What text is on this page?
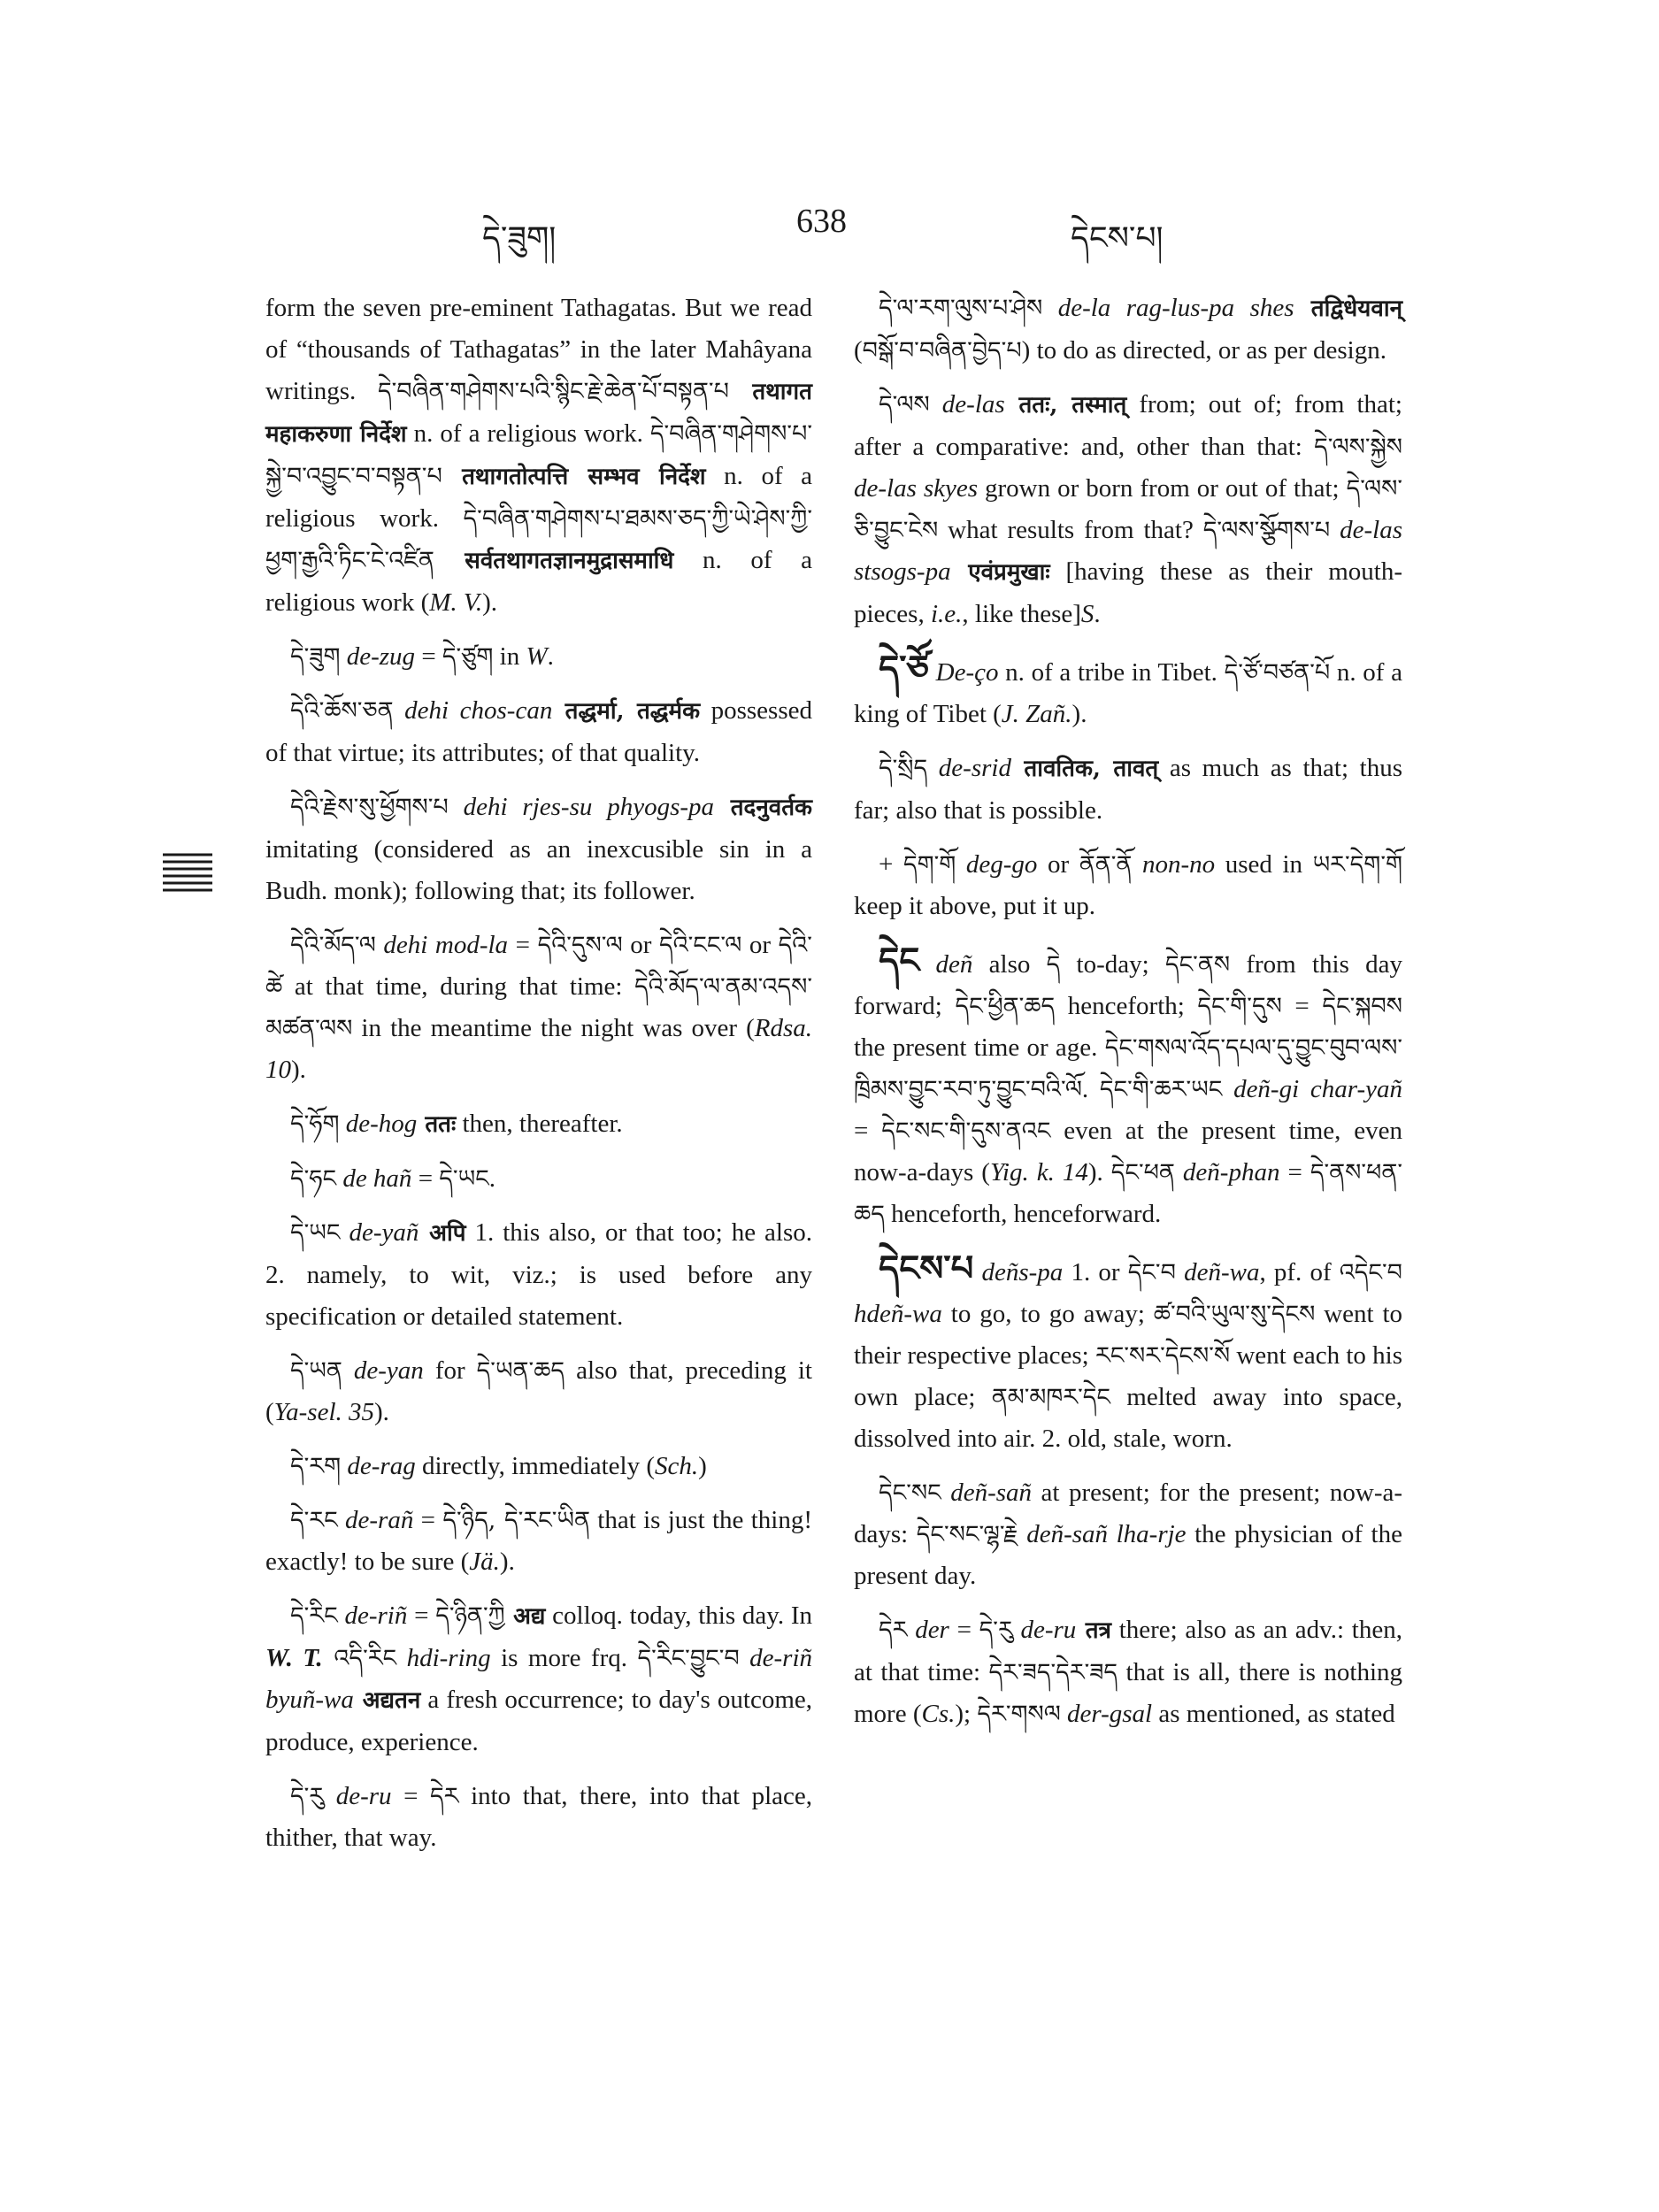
དེ་ཟུག།	638	དེངས་པ།

form the seven pre-eminent Tathagatas. But we read of “thousands of Tathagatas” in the later Mahâyana writings. དེ་བཞིན་གཤེགས་པའི་སྙིང་རྗེ་ཆེན་པོ་བསྟན་པ तथागत महाकरुणा निर्देश n. of a religious work. དེ་བཞིན་གཤེགས་པ་སྐྱེ་བ་འབྱུང་བ་བསྟན་པ तथागतोत्पत्ति सम्भव निर्देश n. of a religious work. དེ་བཞིན་གཤེགས་པ་ཐམས་ཅད་ཀྱི་ཡེ་ཤེས་ཀྱི་ཕྱག་རྒྱའི་ཏིང་ངེ་འཛིན सर्वतथागतज्ञानमुद्रासमाधि n. of a religious work (M. V.).

དེ་ཟུག de-zug = དེ་ཙུག in W.

དེའི་ཆོས་ཅན dehi chos-can तद्धर्मा, तद्धर्मक possessed of that virtue; its attributes; of that quality.

དེའི་རྗེས་སུ་ཕྱོགས་པ dehi rjes-su phyogs-pa तदनुवर्तक imitating (considered as an inexcusible sin in a Budh. monk); following that; its follower.

དེའི་མོད་ལ dehi mod-la = དེའི་དུས་ལ or དེའི་ངང་ལ or དེའི་ཚེ at that time, during that time: དེའི་མོད་ལ་ནམ་འདས་མཚན་ལས in the meantime the night was over (Rdsa. 10).

དེ་ཧོག de-hog ततः then, thereafter.

དེ་ཧང de hañ = དེ་ཡང.

དེ་ཡང de-yañ अपि 1. this also, or that too; he also. 2. namely, to wit, viz.; is used before any specification or detailed statement.

དེ་ཡན de-yan for དེ་ཡན་ཆད also that, preceding it (Ya-sel. 35).

དེ་རག de-rag directly, immediately (Sch.)

དེ་རང de-rañ = དེ་ཉིད, དེ་རང་ཡིན that is just the thing! exactly! to be sure (Jä.).

དེ་རིང de-riñ = དེ་ཉིན་ཀྱི अद्य colloq. today, this day. In W. T. འདི་རིང hdi-ring is more frq. དེ་རིང་བྱུང་བ de-riñ byuñ-wa अद्यतन a fresh occurrence; to day's outcome, produce, experience.

དེ་རུ de-ru = དེར into that, there, into that place, thither, that way.

དེ་ལ་རག་ལུས་པ་ཤེས de-la rag-lus-pa shes तद्विधेयवान् (བསྒོ་བ་བཞིན་བྱེད་པ) to do as directed, or as per design.

དེ་ལས de-las ततः, तस्मात् from; out of; from that; after a comparative: and, other than that: དེ་ལས་སྐྱེས de-las skyes grown or born from or out of that; དེ་ལས་ཅི་བྱུང་ངེས what results from that? དེ་ལས་སྩོགས་པ de-las stsogs-pa एवंप्रमुखाः [having these as their mouth-pieces, i.e., like these]S.

དེ་ཙོ De-ço n. of a tribe in Tibet. དེ་ཙོ་བཙན་པོ n. of a king of Tibet (J. Zañ.).

དེ་སྲིད de-srid तावतिक, तावत् as much as that; thus far; also that is possible.

+ དེག་གོ deg-go or ནོན་ནོ non-no used in ཡར་དེག་གོ keep it above, put it up.

དེང deñ also དེ to-day; དེང་ནས from this day forward; དེང་ཕྱིན་ཆད henceforth; དེང་གི་དུས = དེང་སྐབས the present time or age. དེང་གསལ་འོད་དཔལ་དུ་བྱུང་བུབ་ལས་ཁྲིམས་བྱུང་རབ་ཏུ་བྱུང་བའི་ལོ. དེང་གི་ཆར་ཡང deñ-gi char-yañ = དེང་སང་གི་དུས་ནའང even at the present time, even now-a-days (Yig. k. 14). དེང་ཕན deñ-phan = དེ་ནས་ཕན་ཆད henceforth, henceforward.

དེངས་པ deñs-pa 1. or དེང་བ deñ-wa, pf. of འདེང་བ hdeñ-wa to go, to go away; ཚ་བའི་ཡུལ་སུ་དེངས went to their respective places; རང་སར་དེངས་སོ went each to his own place; ནམ་མཁར་དེང melted away into space, dissolved into air. 2. old, stale, worn.

དེང་སང deñ-sañ at present; for the present; now-a-days: དེང་སང་ལྷ་རྗེ deñ-sañ lha-rje the physician of the present day.

དེར der = དེ་རུ de-ru तत्र there; also as an adv.: then, at that time: དེར་ཟད་དེར་ཟད that is all, there is nothing more (Cs.); དེར་གསལ der-gsal as mentioned, as stated
